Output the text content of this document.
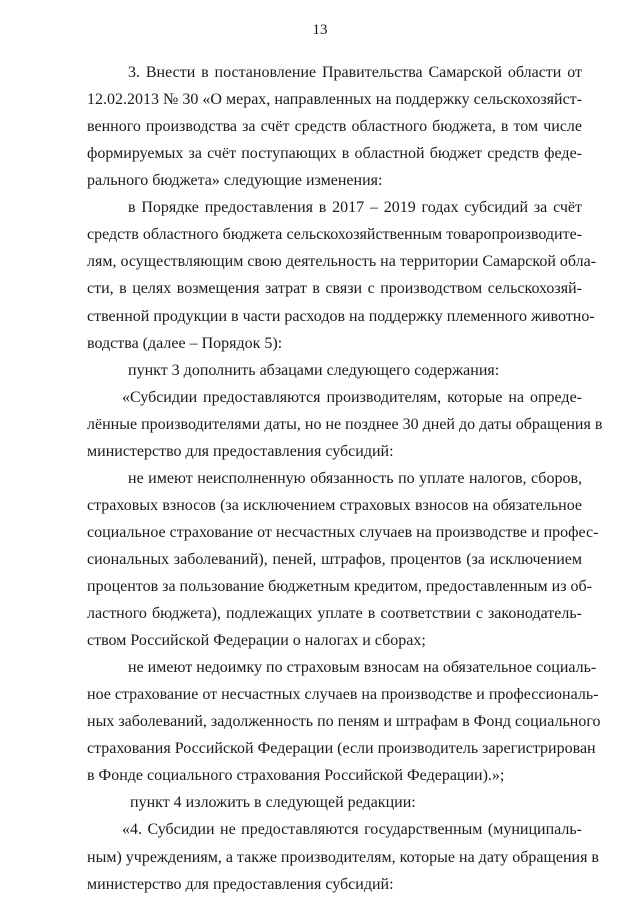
13
3. Внести в постановление Правительства Самарской области от
12.02.2013 № 30 «О мерах, направленных на поддержку сельскохозяйст-
венного производства за счёт средств областного бюджета, в том числе
формируемых за счёт поступающих в областной бюджет средств феде-
рального бюджета» следующие изменения:
в Порядке предоставления в 2017 – 2019 годах субсидий за счёт
средств областного бюджета сельскохозяйственным товаропроизводите-
лям, осуществляющим свою деятельность на территории Самарской обла-
сти, в целях возмещения затрат в связи с производством сельскохозяй-
ственной продукции в части расходов на поддержку племенного животно-
водства (далее – Порядок 5):
пункт 3 дополнить абзацами следующего содержания:
«Субсидии предоставляются производителям, которые на опреде-
лённые производителями даты, но не позднее 30 дней до даты обращения в
министерство для предоставления субсидий:
не имеют неисполненную обязанность по уплате налогов, сборов,
страховых взносов (за исключением страховых взносов на обязательное
социальное страхование от несчастных случаев на производстве и профес-
сиональных заболеваний), пеней, штрафов, процентов (за исключением
процентов за пользование бюджетным кредитом, предоставленным из об-
ластного бюджета), подлежащих уплате в соответствии с законодатель-
ством Российской Федерации о налогах и сборах;
не имеют недоимку по страховым взносам на обязательное социаль-
ное страхование от несчастных случаев на производстве и профессиональ-
ных заболеваний, задолженность по пеням и штрафам в Фонд социального
страхования Российской Федерации (если производитель зарегистрирован
в Фонде социального страхования Российской Федерации).»;
пункт 4 изложить в следующей редакции:
«4. Субсидии не предоставляются государственным (муниципаль-
ным) учреждениям, а также производителям, которые на дату обращения в
министерство для предоставления субсидий:
